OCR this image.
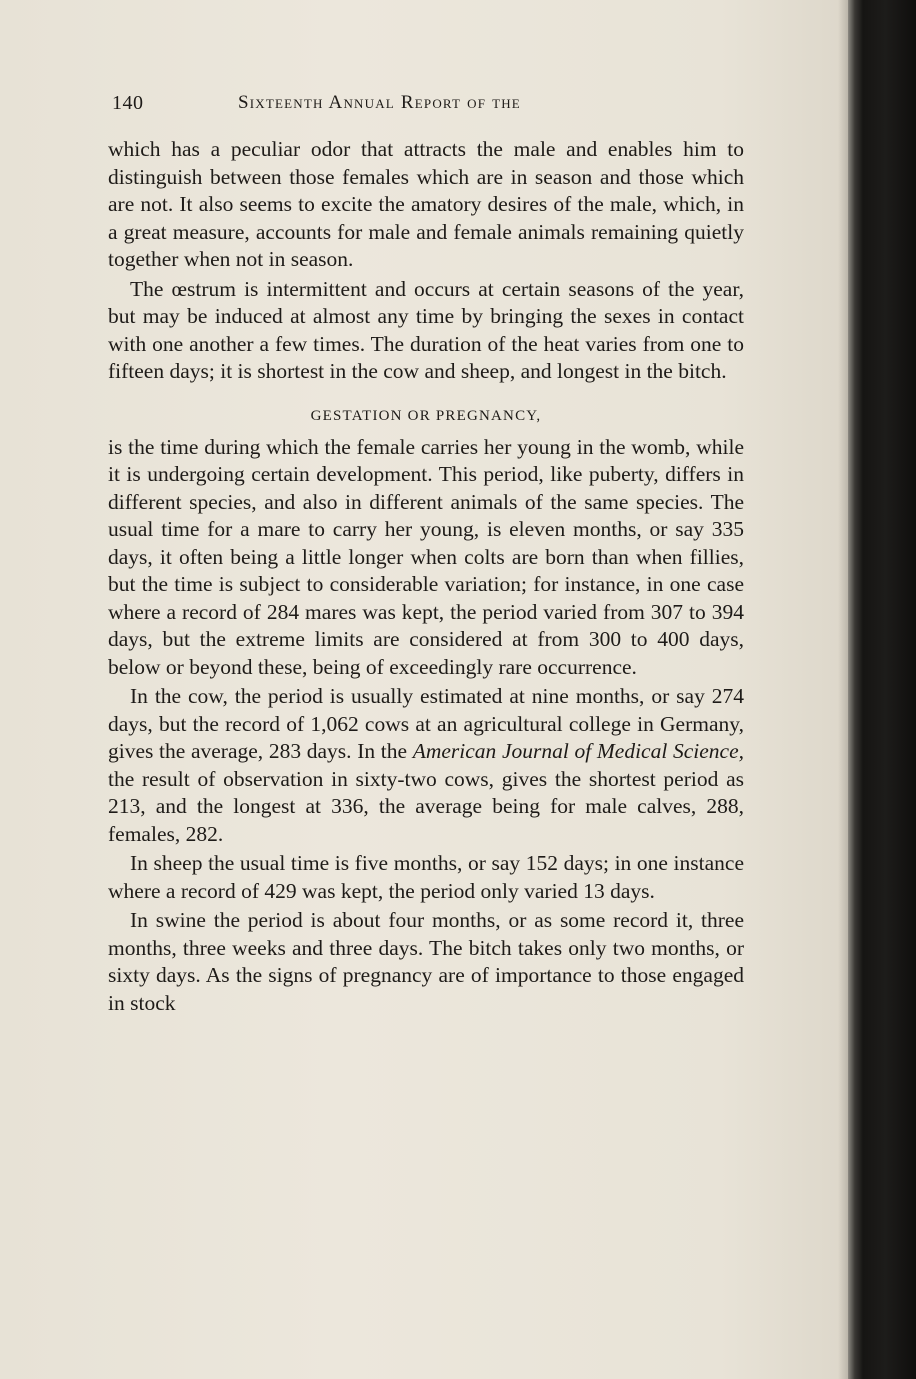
140	Sixteenth Annual Report of the

which has a peculiar odor that attracts the male and enables him to distinguish between those females which are in season and those which are not. It also seems to excite the amatory desires of the male, which, in a great measure, accounts for male and female animals remaining quietly together when not in season.

The œstrum is intermittent and occurs at certain seasons of the year, but may be induced at almost any time by bringing the sexes in contact with one another a few times. The duration of the heat varies from one to fifteen days; it is shortest in the cow and sheep, and longest in the bitch.

GESTATION OR PREGNANCY,

is the time during which the female carries her young in the womb, while it is undergoing certain development. This period, like puberty, differs in different species, and also in different animals of the same species. The usual time for a mare to carry her young, is eleven months, or say 335 days, it often being a little longer when colts are born than when fillies, but the time is subject to considerable variation; for instance, in one case where a record of 284 mares was kept, the period varied from 307 to 394 days, but the extreme limits are considered at from 300 to 400 days, below or beyond these, being of exceedingly rare occurrence.

In the cow, the period is usually estimated at nine months, or say 274 days, but the record of 1,062 cows at an agricultural college in Germany, gives the average, 283 days. In the American Journal of Medical Science, the result of observation in sixty-two cows, gives the shortest period as 213, and the longest at 336, the average being for male calves, 288, females, 282.

In sheep the usual time is five months, or say 152 days; in one instance where a record of 429 was kept, the period only varied 13 days.

In swine the period is about four months, or as some record it, three months, three weeks and three days. The bitch takes only two months, or sixty days. As the signs of pregnancy are of importance to those engaged in stock
